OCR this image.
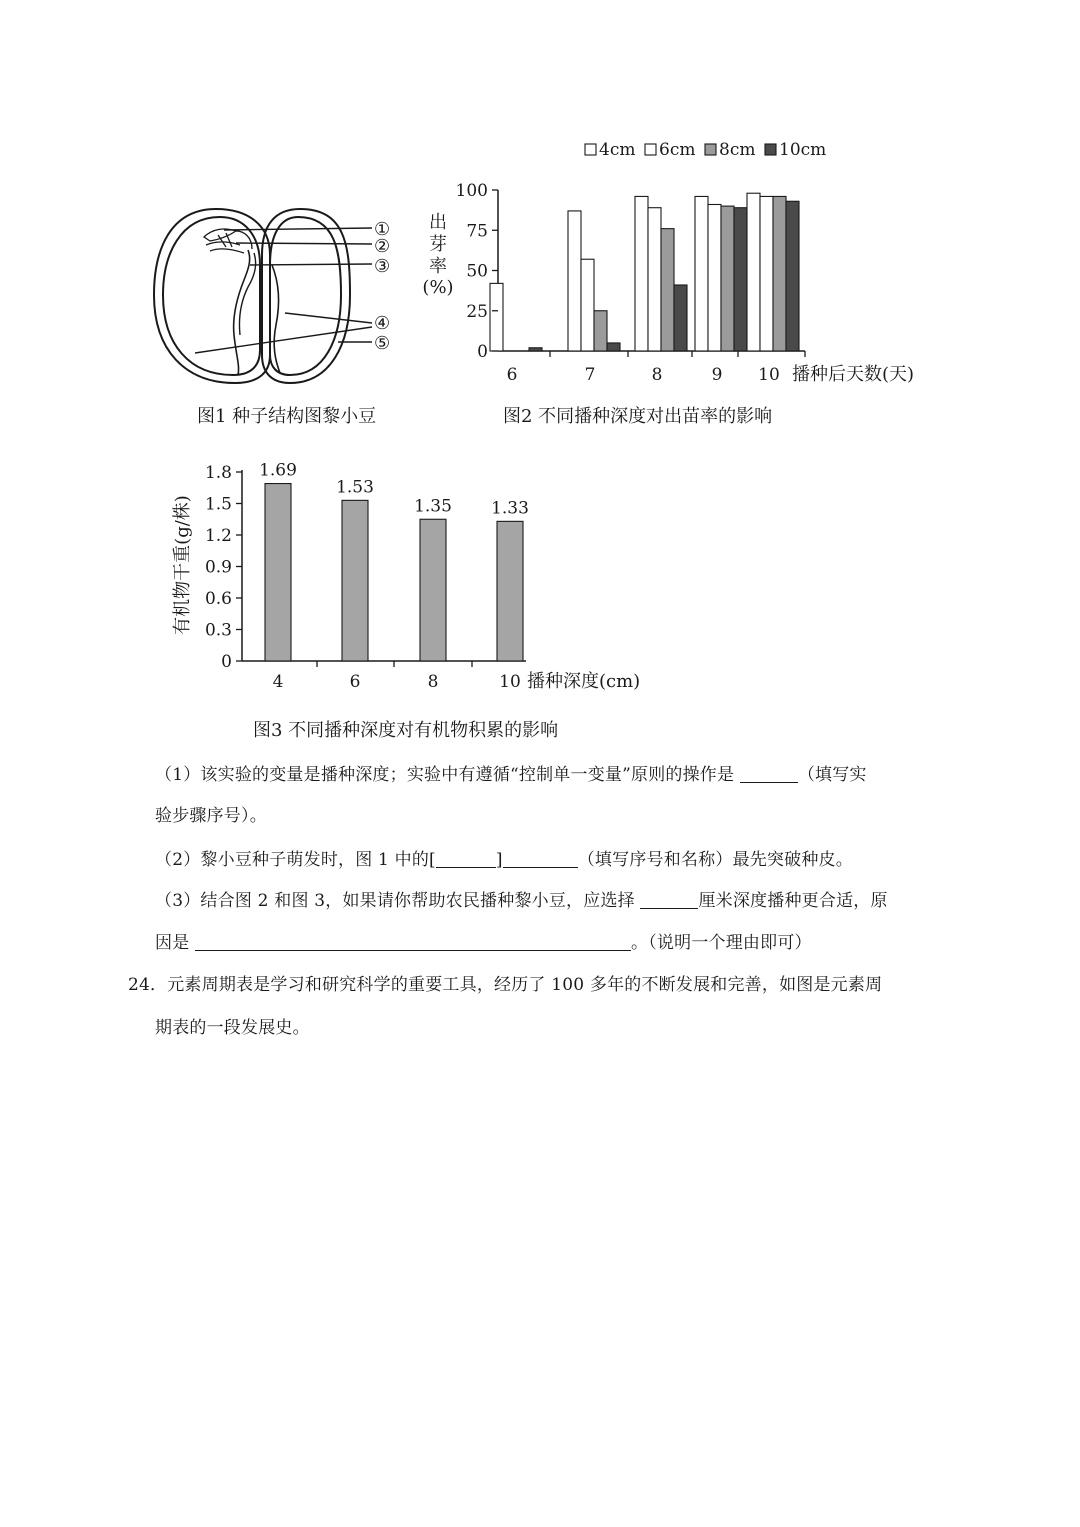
①
②
③
④
⑤
图1 种子结构图黎小豆
4cm 6cm 8cm 10cm
出
芽
率
(%)
100
75
50
25
0
6	7	8	9 10 播种后天数(天)
图2 不同播种深度对出苗率的影响
有机物干重(g/株)
1.8
1.5
1.2
0.9
0.6
0.3
0
1.69
4
1.53
6
1.35
8
1.33
10 播种深度(cm)
图3 不同播种深度对有机物积累的影响
（1）该实验的变量是播种深度；实验中有遵循“控制单一变量”原则的操作是	（填写实
验步骤序号）。
（2）黎小豆种子萌发时，图 1 中的[	]	（填写序号和名称）最先突破种皮。
（3）结合图 2 和图 3，如果请你帮助农民播种黎小豆，应选择	厘米深度播种更合适，原
因是	。（说明一个理由即可）
24．元素周期表是学习和研究科学的重要工具，经历了 100 多年的不断发展和完善，如图是元素周
期表的一段发展史。
